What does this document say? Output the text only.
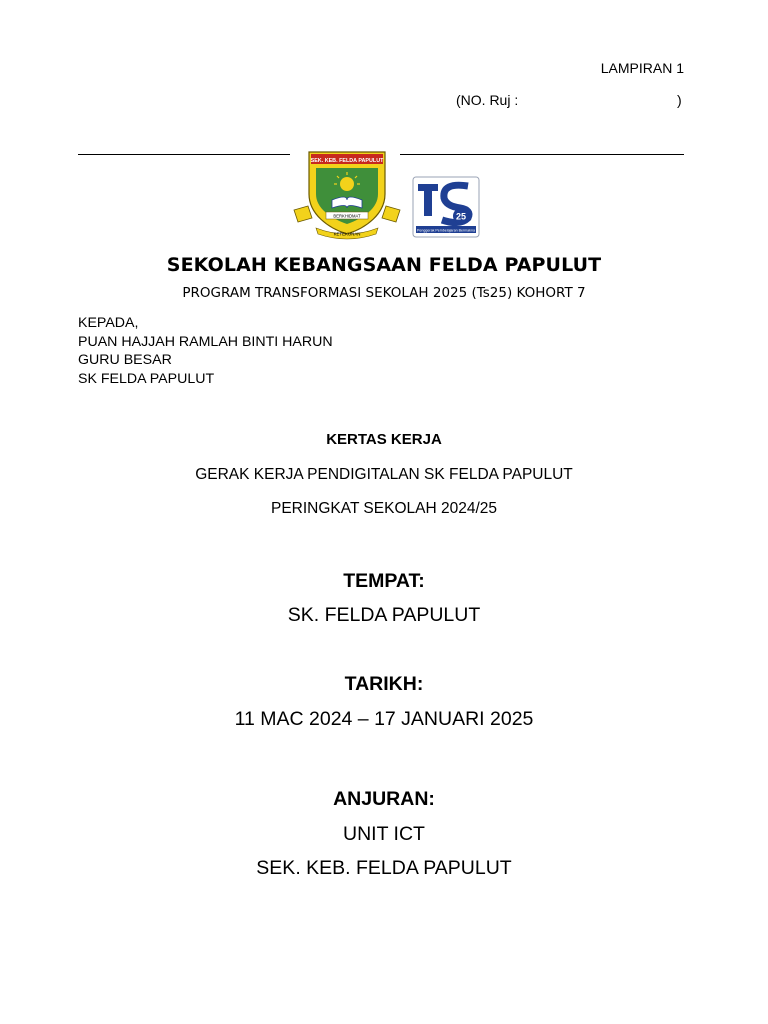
LAMPIRAN 1
(NO. Ruj :	)
SEK. KEB. FELDA PAPULUT
BERKHIDMAT
KETEKUNAN
25
Penggerak Pembelajaran Bermakna
SEKOLAH KEBANGSAAN FELDA PAPULUT
PROGRAM TRANSFORMASI SEKOLAH 2025 (Ts25) KOHORT 7
KEPADA,
PUAN HAJJAH RAMLAH BINTI HARUN
GURU BESAR
SK FELDA PAPULUT
KERTAS KERJA
GERAK KERJA PENDIGITALAN SK FELDA PAPULUT
PERINGKAT SEKOLAH 2024/25
TEMPAT:
SK. FELDA PAPULUT
TARIKH:
11 MAC 2024 – 17 JANUARI 2025
ANJURAN:
UNIT ICT
SEK. KEB. FELDA PAPULUT
